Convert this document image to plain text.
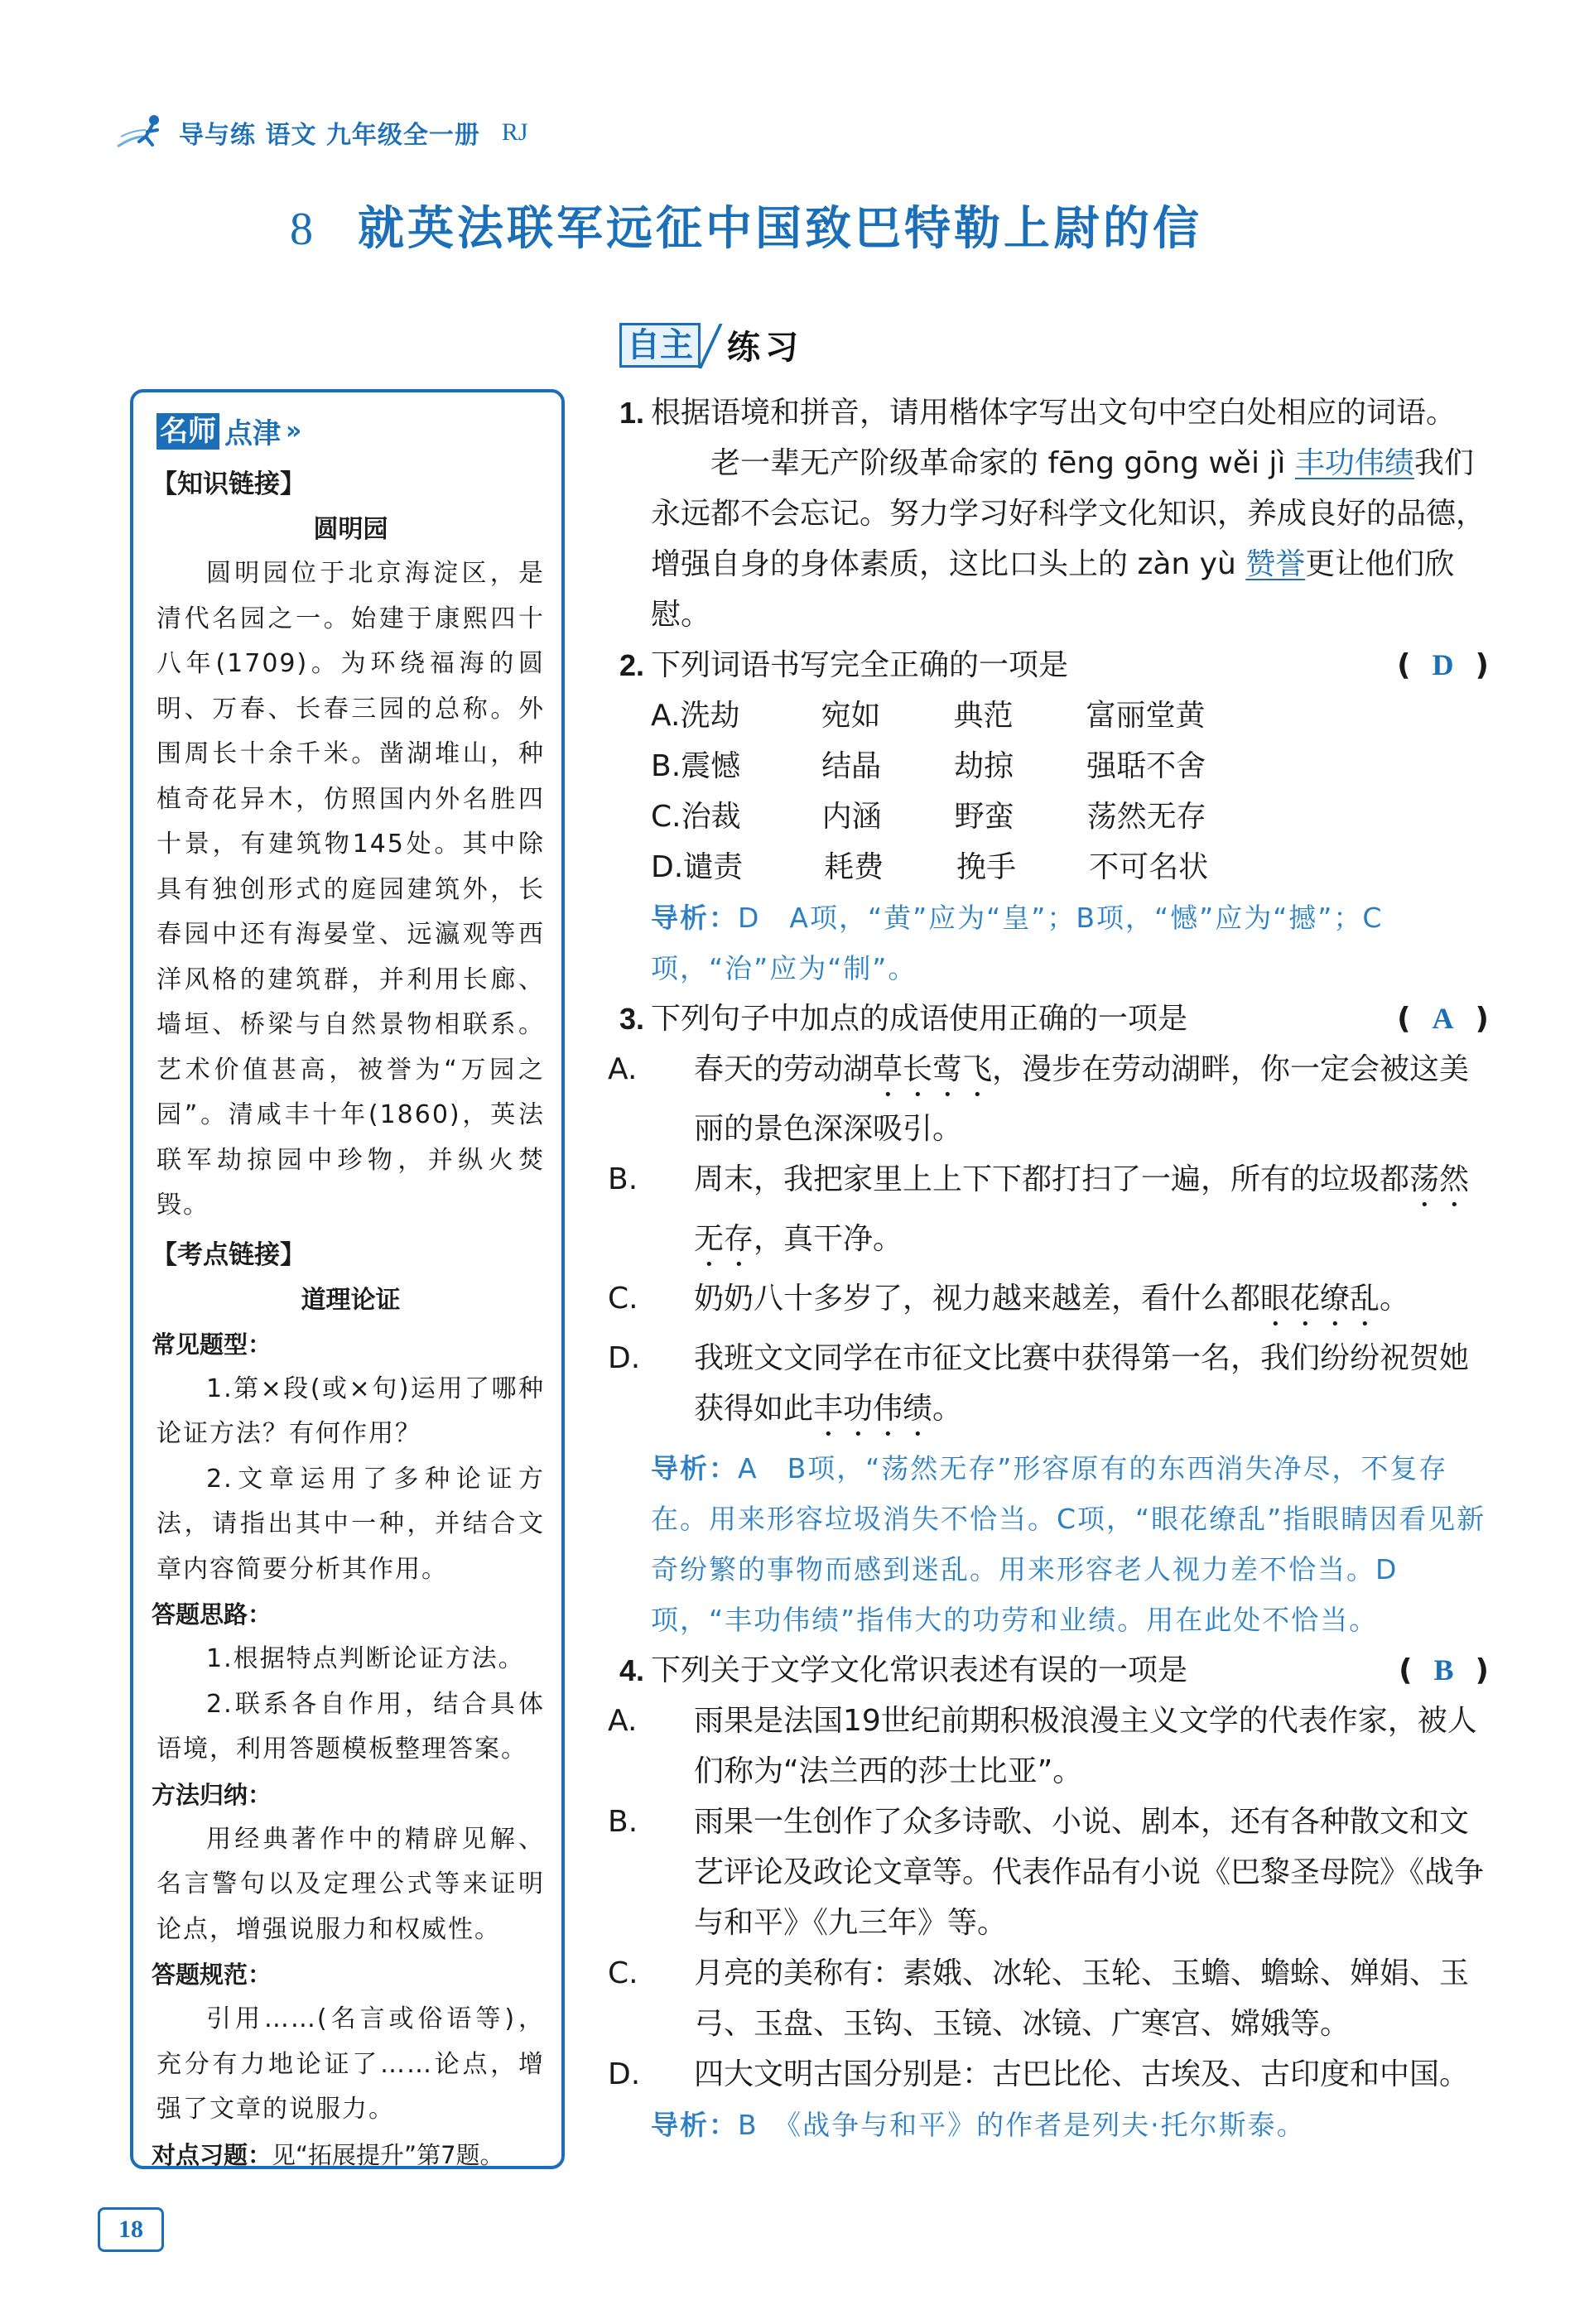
导与练 语文 九年级全一册 RJ
8 就英法联军远征中国致巴特勒上尉的信
自主 练习
名师 点津 »
【知识链接】
圆明园

圆明园位于北京海淀区，是清代名园之一。始建于康熙四十八年(1709)。为环绕福海的圆明、万春、长春三园的总称。外围周长十余千米。凿湖堆山，种植奇花异木，仿照国内外名胜四十景，有建筑物145处。其中除具有独创形式的庭园建筑外，长春园中还有海晏堂、远瀛观等西洋风格的建筑群，并利用长廊、墙垣、桥梁与自然景物相联系。艺术价值甚高，被誉为“万园之园”。清咸丰十年(1860)，英法联军劫掠园中珍物，并纵火焚毁。

【考点链接】
道理论证
常见题型：

1.第×段(或×句)运用了哪种论证方法？有何作用？

2.文章运用了多种论证方法，请指出其中一种，并结合文章内容简要分析其作用。

答题思路：

1.根据特点判断论证方法。

2.联系各自作用，结合具体语境，利用答题模板整理答案。

方法归纳：

用经典著作中的精辟见解、名言警句以及定理公式等来证明论点，增强说服力和权威性。

答题规范：

引用……(名言或俗语等)，充分有力地论证了……论点，增强了文章的说服力。

对点习题：见“拓展提升”第7题。
1. 根据语境和拼音，请用楷体字写出文句中空白处相应的词语。
老一辈无产阶级革命家的 fēng gōng wěi jì 丰功伟绩我们永远都不会忘记。努力学习好科学文化知识，养成良好的品德，增强自身的身体素质，这比口头上的 zàn yù 赞誉更让他们欣慰。
2. 下列词语书写完全正确的一项是	( D )
A. 洗劫	宛如	典范	富丽堂黄
B. 震憾	结晶	劫掠	强聒不舍
C. 治裁	内涵	野蛮	荡然无存
D. 谴责	耗费	挽手	不可名状
导析：D　A项，“黄”应为“皇”；B项，“憾”应为“撼”；C项，“治”应为“制”。
3. 下列句子中加点的成语使用正确的一项是	( A )
A. 春天的劳动湖草长莺飞，漫步在劳动湖畔，你一定会被这美丽的景色深深吸引。
B. 周末，我把家里上上下下都打扫了一遍，所有的垃圾都荡然无存，真干净。
C. 奶奶八十多岁了，视力越来越差，看什么都眼花缭乱。
D. 我班文文同学在市征文比赛中获得第一名，我们纷纷祝贺她获得如此丰功伟绩。
导析：A　B项，“荡然无存”形容原有的东西消失净尽，不复存在。用来形容垃圾消失不恰当。C项，“眼花缭乱”指眼睛因看见新奇纷繁的事物而感到迷乱。用来形容老人视力差不恰当。D项，“丰功伟绩”指伟大的功劳和业绩。用在此处不恰当。
4. 下列关于文学文化常识表述有误的一项是	( B )
A. 雨果是法国19世纪前期积极浪漫主义文学的代表作家，被人们称为“法兰西的莎士比亚”。
B. 雨果一生创作了众多诗歌、小说、剧本，还有各种散文和文艺评论及政论文章等。代表作品有小说《巴黎圣母院》《战争与和平》《九三年》等。
C. 月亮的美称有：素娥、冰轮、玉轮、玉蟾、蟾蜍、婵娟、玉弓、玉盘、玉钩、玉镜、冰镜、广寒宫、嫦娥等。
D. 四大文明古国分别是：古巴比伦、古埃及、古印度和中国。
导析：B　《战争与和平》的作者是列夫·托尔斯泰。
18
